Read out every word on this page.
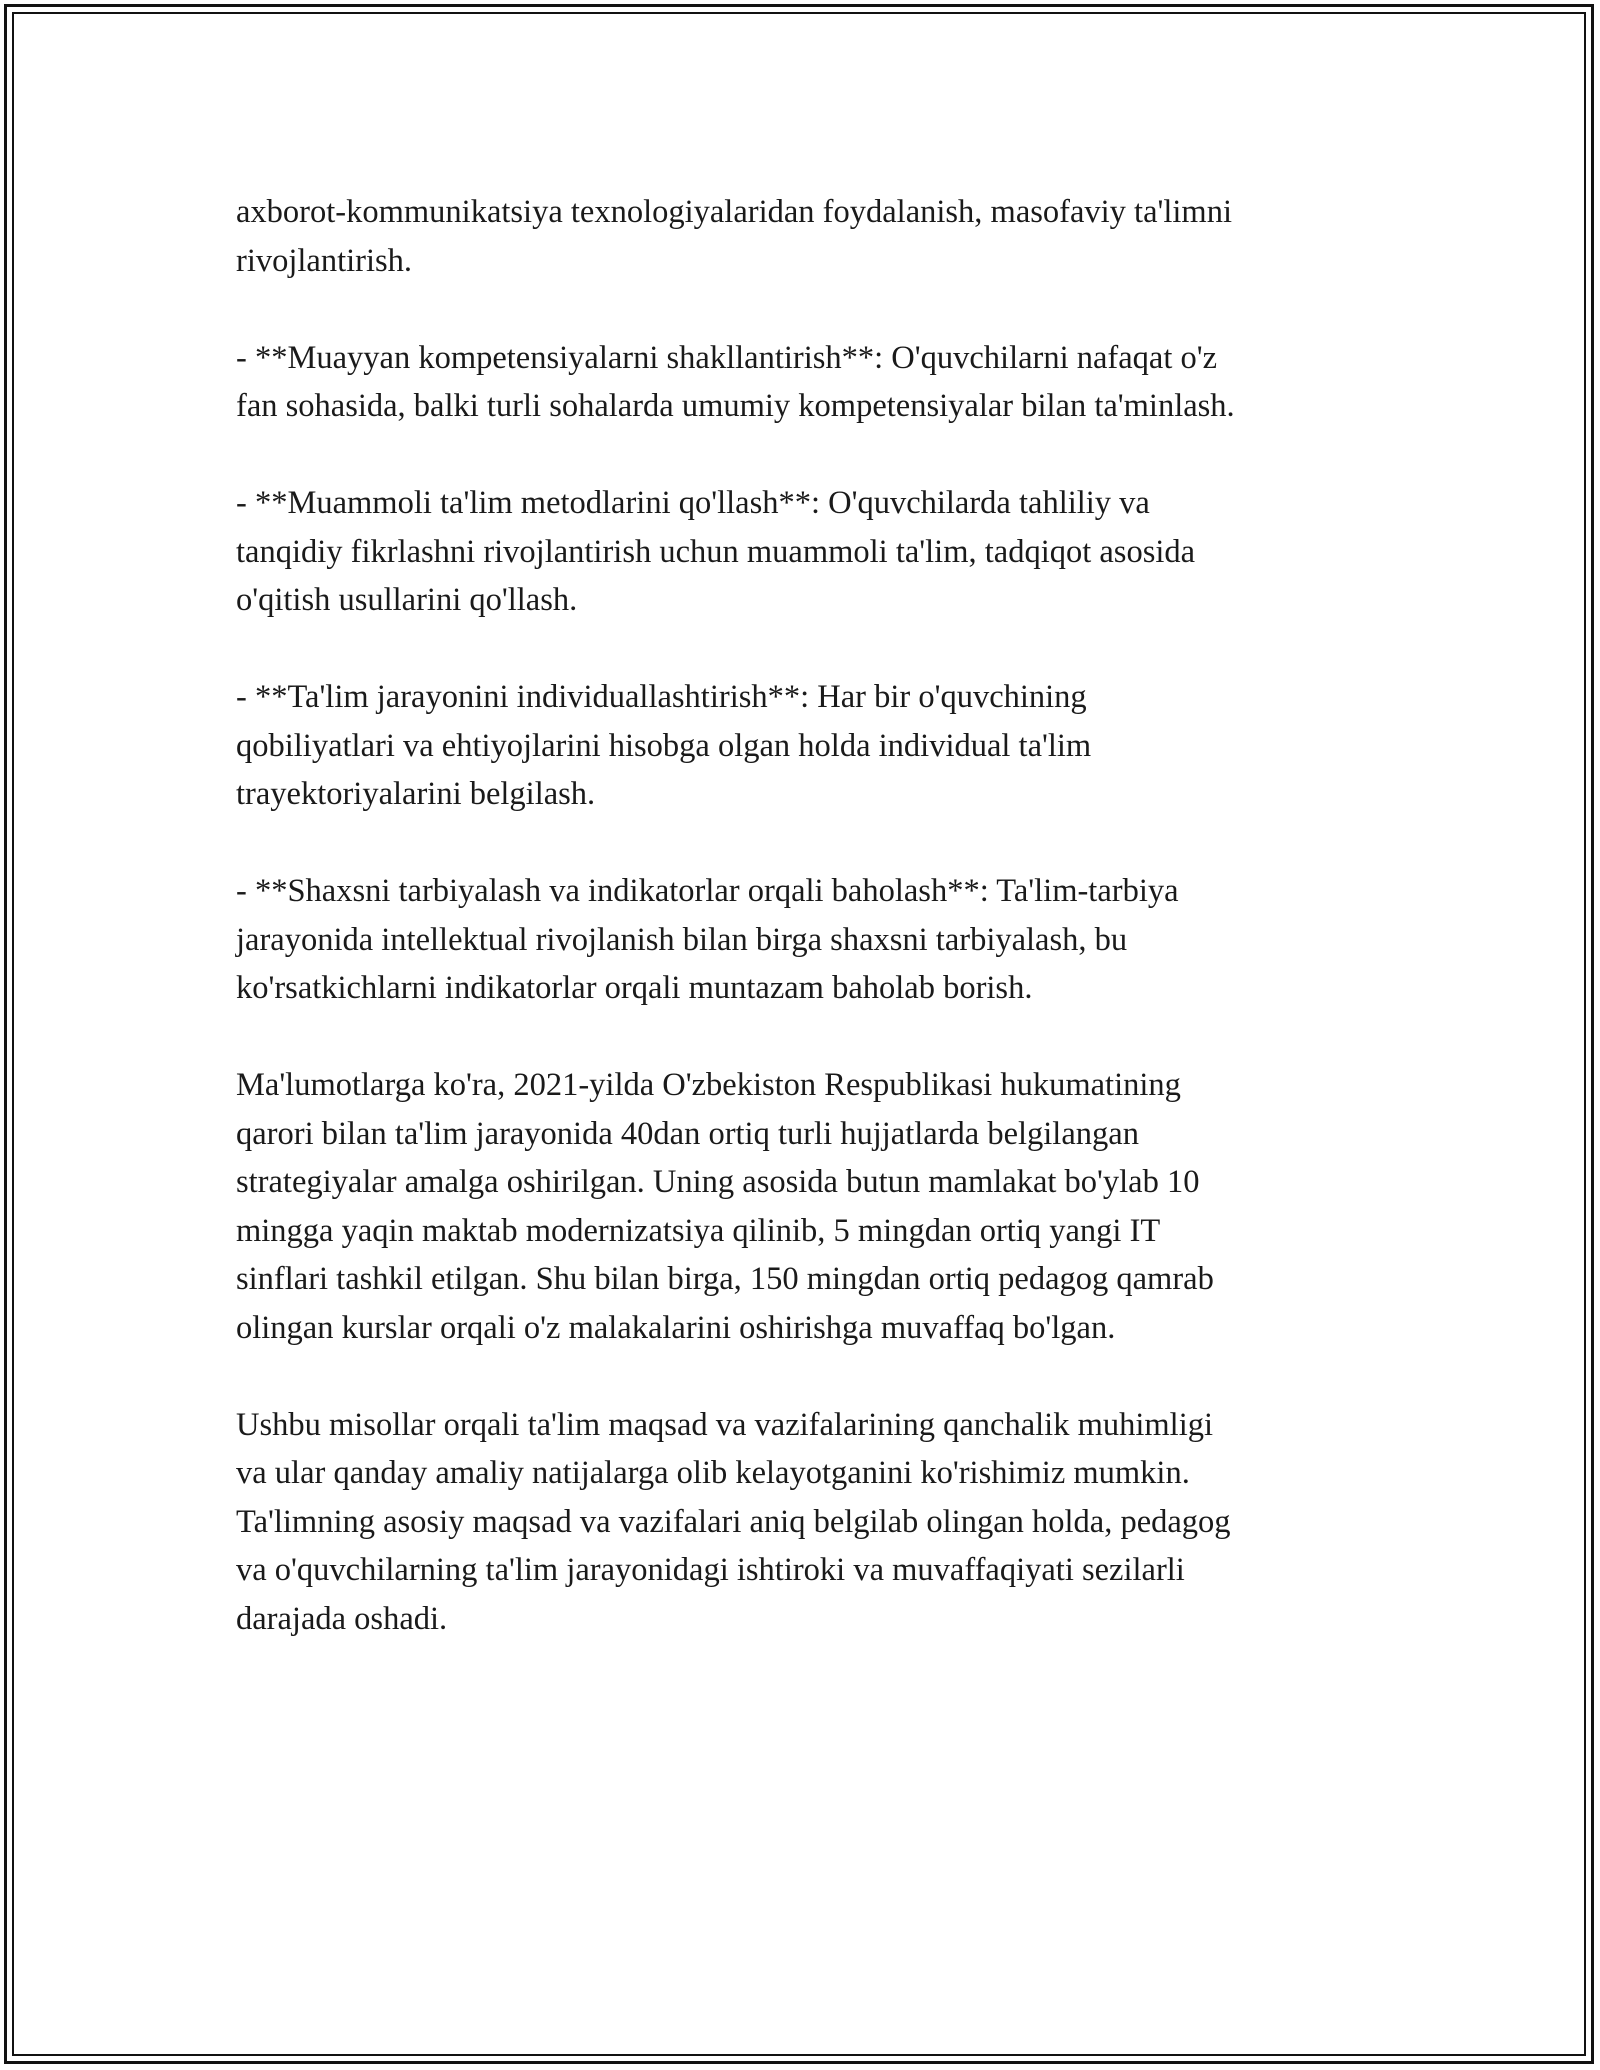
axborot-kommunikatsiya texnologiyalaridan foydalanish, masofaviy ta'limni
rivojlantirish.

- **Muayyan kompetensiyalarni shakllantirish**: O'quvchilarni nafaqat o'z
fan sohasida, balki turli sohalarda umumiy kompetensiyalar bilan ta'minlash.

- **Muammoli ta'lim metodlarini qo'llash**: O'quvchilarda tahliliy va
tanqidiy fikrlashni rivojlantirish uchun muammoli ta'lim, tadqiqot asosida
o'qitish usullarini qo'llash.

- **Ta'lim jarayonini individuallashtirish**: Har bir o'quvchining
qobiliyatlari va ehtiyojlarini hisobga olgan holda individual ta'lim
trayektoriyalarini belgilash.

- **Shaxsni tarbiyalash va indikatorlar orqali baholash**: Ta'lim-tarbiya
jarayonida intellektual rivojlanish bilan birga shaxsni tarbiyalash, bu
ko'rsatkichlarni indikatorlar orqali muntazam baholab borish.

Ma'lumotlarga ko'ra, 2021-yilda O'zbekiston Respublikasi hukumatining
qarori bilan ta'lim jarayonida 40dan ortiq turli hujjatlarda belgilangan
strategiyalar amalga oshirilgan. Uning asosida butun mamlakat bo'ylab 10
mingga yaqin maktab modernizatsiya qilinib, 5 mingdan ortiq yangi IT
sinflari tashkil etilgan. Shu bilan birga, 150 mingdan ortiq pedagog qamrab
olingan kurslar orqali o'z malakalarini oshirishga muvaffaq bo'lgan.

Ushbu misollar orqali ta'lim maqsad va vazifalarining qanchalik muhimligi
va ular qanday amaliy natijalarga olib kelayotganini ko'rishimiz mumkin.
Ta'limning asosiy maqsad va vazifalari aniq belgilab olingan holda, pedagog
va o'quvchilarning ta'lim jarayonidagi ishtiroki va muvaffaqiyati sezilarli
darajada oshadi.
